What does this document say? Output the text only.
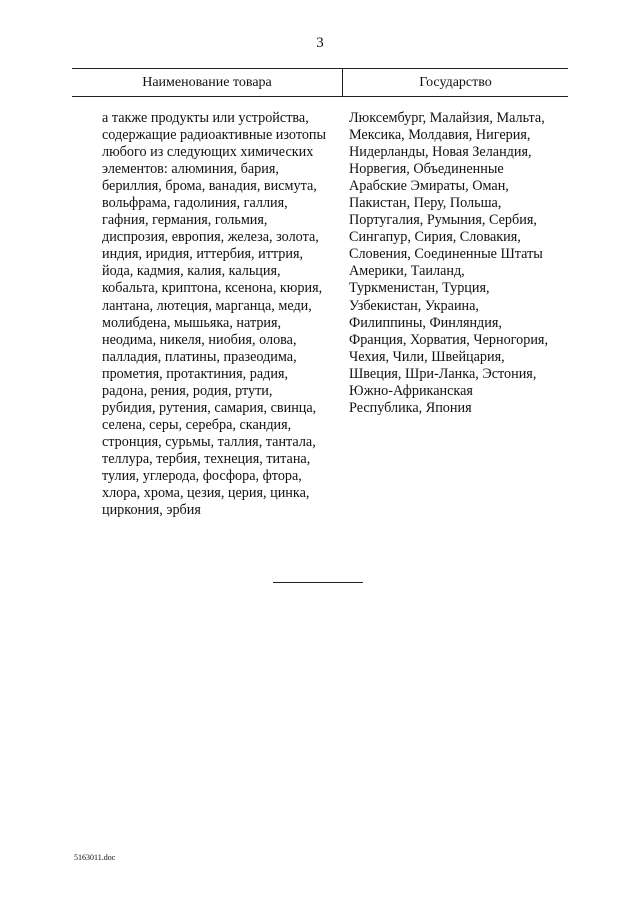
3
Наименование товара	Государство
а также продукты или устройства,
содержащие радиоактивные изотопы
любого из следующих химических
элементов: алюминия, бария,
бериллия, брома, ванадия, висмута,
вольфрама, гадолиния, галлия,
гафния, германия, гольмия,
диспрозия, европия, железа, золота,
индия, иридия, иттербия, иттрия,
йода, кадмия, калия, кальция,
кобальта, криптона, ксенона, кюрия,
лантана, лютеция, марганца, меди,
молибдена, мышьяка, натрия,
неодима, никеля, ниобия, олова,
палладия, платины, празеодима,
прометия, протактиния, радия,
радона, рения, родия, ртути,
рубидия, рутения, самария, свинца,
селена, серы, серебра, скандия,
стронция, сурьмы, таллия, тантала,
теллура, тербия, технеция, титана,
тулия, углерода, фосфора, фтора,
хлора, хрома, цезия, церия, цинка,
циркония, эрбия
Люксембург, Малайзия, Мальта,
Мексика, Молдавия, Нигерия,
Нидерланды, Новая Зеландия,
Норвегия, Объединенные
Арабские Эмираты, Оман,
Пакистан, Перу, Польша,
Португалия, Румыния, Сербия,
Сингапур, Сирия, Словакия,
Словения, Соединенные Штаты
Америки, Таиланд,
Туркменистан, Турция,
Узбекистан, Украина,
Филиппины, Финляндия,
Франция, Хорватия, Черногория,
Чехия, Чили, Швейцария,
Швеция, Шри-Ланка, Эстония,
Южно-Африканская
Республика, Япония
5163011.doc
